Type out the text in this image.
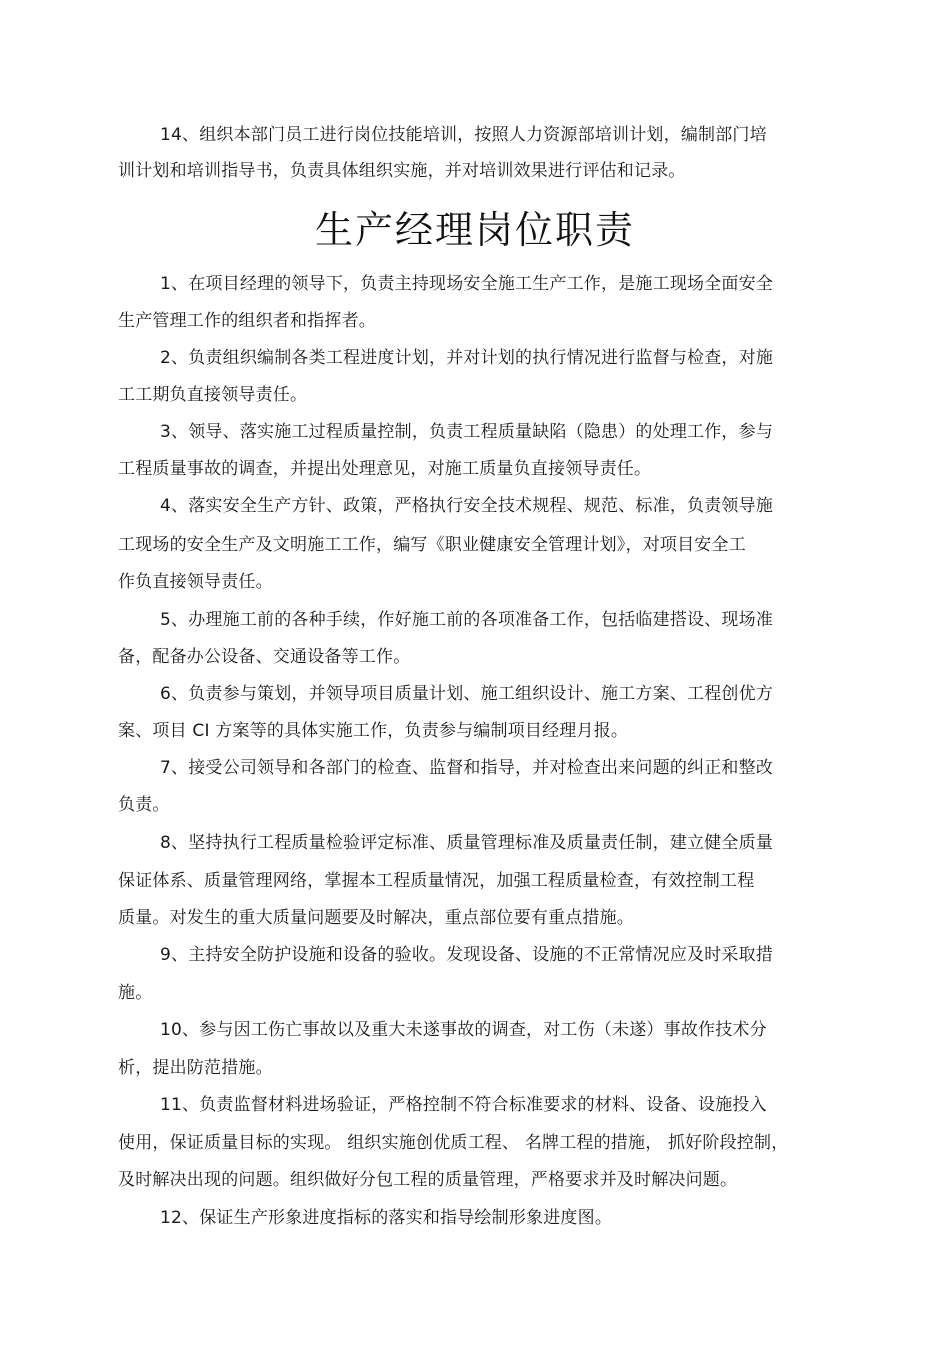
14、组织本部门员工进行岗位技能培训，按照人力资源部培训计划，编制部门培
训计划和培训指导书，负责具体组织实施，并对培训效果进行评估和记录。
生产经理岗位职责
1、在项目经理的领导下，负责主持现场安全施工生产工作，是施工现场全面安全
生产管理工作的组织者和指挥者。
2、负责组织编制各类工程进度计划，并对计划的执行情况进行监督与检查，对施
工工期负直接领导责任。
3、领导、落实施工过程质量控制，负责工程质量缺陷（隐患）的处理工作，参与
工程质量事故的调查，并提出处理意见，对施工质量负直接领导责任。
4、落实安全生产方针、政策，严格执行安全技术规程、规范、标准，负责领导施
工现场的安全生产及文明施工工作，编写《职业健康安全管理计划》，对项目安全工
作负直接领导责任。
5、办理施工前的各种手续，作好施工前的各项准备工作，包括临建搭设、现场准
备，配备办公设备、交通设备等工作。
6、负责参与策划，并领导项目质量计划、施工组织设计、施工方案、工程创优方
案、项目 CI 方案等的具体实施工作，负责参与编制项目经理月报。
7、接受公司领导和各部门的检查、监督和指导，并对检查出来问题的纠正和整改
负责。
8、坚持执行工程质量检验评定标准、质量管理标准及质量责任制，建立健全质量
保证体系、质量管理网络，掌握本工程质量情况，加强工程质量检查，有效控制工程
质量。对发生的重大质量问题要及时解决，重点部位要有重点措施。
9、主持安全防护设施和设备的验收。发现设备、设施的不正常情况应及时采取措
施。
10、参与因工伤亡事故以及重大未遂事故的调查，对工伤（未遂）事故作技术分
析，提出防范措施。
11、负责监督材料进场验证，严格控制不符合标准要求的材料、设备、设施投入
使用，保证质量目标的实现。 组织实施创优质工程、 名牌工程的措施， 抓好阶段控制，
及时解决出现的问题。组织做好分包工程的质量管理，严格要求并及时解决问题。
12、保证生产形象进度指标的落实和指导绘制形象进度图。
